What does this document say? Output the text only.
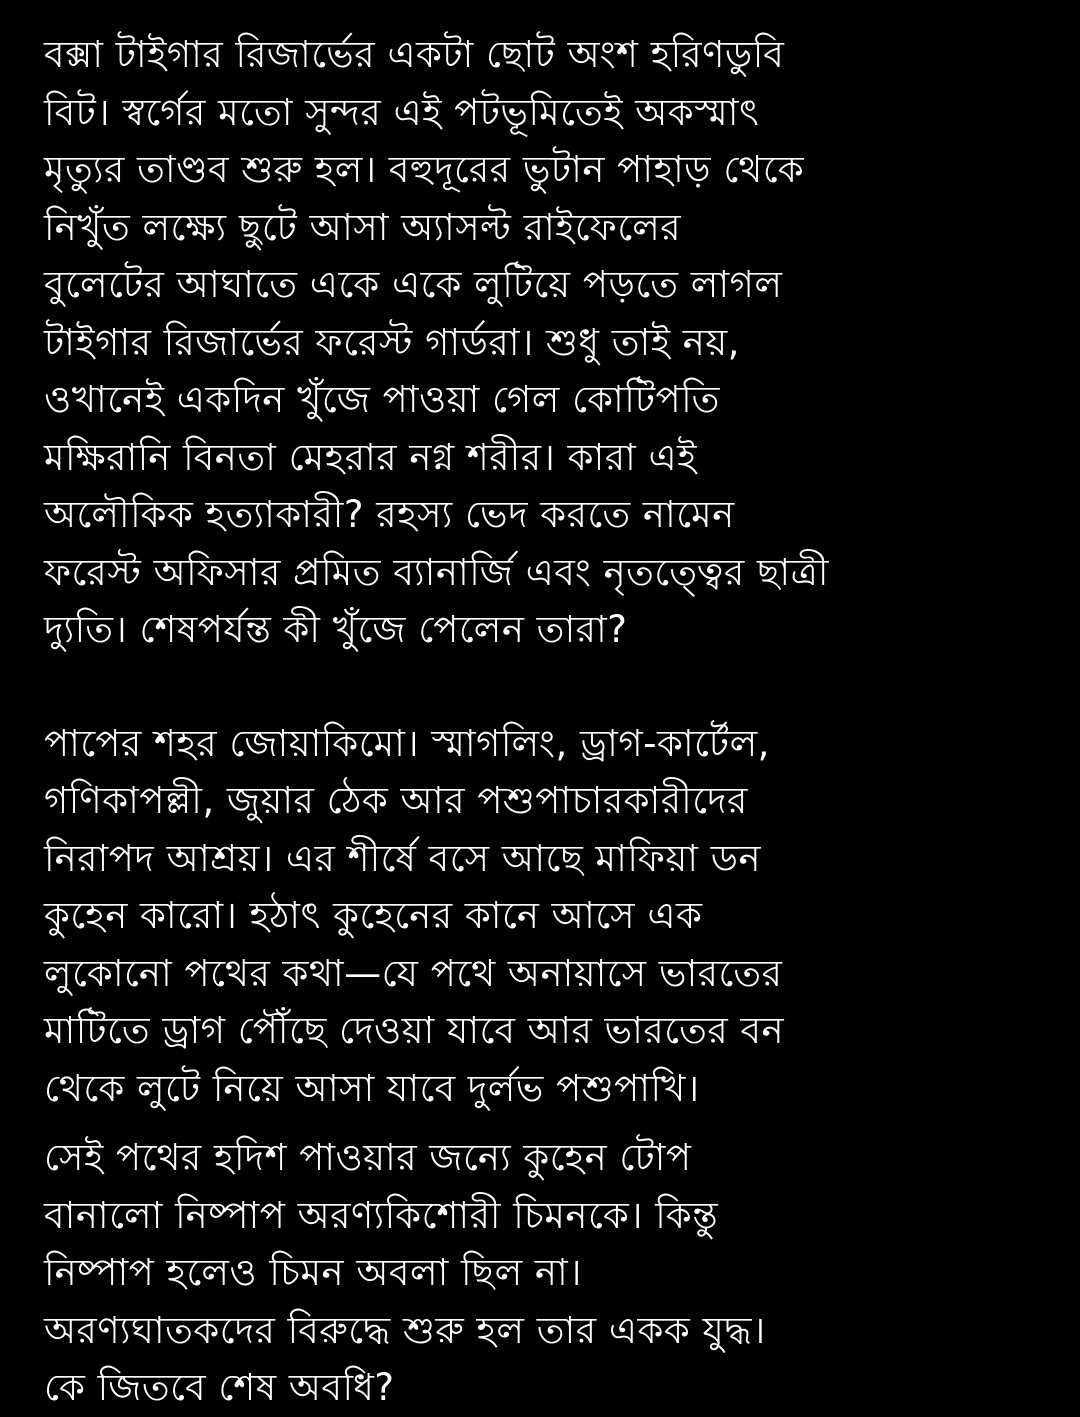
বক্সা টাইগার রিজার্ভের একটা ছোট অংশ হরিণডুবি
বিট। স্বর্গের মতো সুন্দর এই পটভূমিতেই অকস্মাৎ
মৃত্যুর তাণ্ডব শুরু হল। বহুদূরের ভুটান পাহাড় থেকে
নিখুঁত লক্ষ্যে ছুটে আসা অ্যাসল্ট রাইফেলের
বুলেটের আঘাতে একে একে লুটিয়ে পড়তে লাগল
টাইগার রিজার্ভের ফরেস্ট গার্ডরা। শুধু তাই নয়,
ওখানেই একদিন খুঁজে পাওয়া গেল কোটিপতি
মক্ষিরানি বিনতা মেহরার নগ্ন শরীর। কারা এই
অলৌকিক হত্যাকারী? রহস্য ভেদ করতে নামেন
ফরেস্ট অফিসার প্রমিত ব্যানার্জি এবং নৃতত্ত্বের ছাত্রী
দ্যুতি। শেষপর্যন্ত কী খুঁজে পেলেন তারা?
পাপের শহর জোয়াকিমো। স্মাগলিং, ড্রাগ-কার্টেল,
গণিকাপল্লী, জুয়ার ঠেক আর পশুপাচারকারীদের
নিরাপদ আশ্রয়। এর শীর্ষে বসে আছে মাফিয়া ডন
কুহেন কারো। হঠাৎ কুহেনের কানে আসে এক
লুকোনো পথের কথা—যে পথে অনায়াসে ভারতের
মাটিতে ড্রাগ পৌঁছে দেওয়া যাবে আর ভারতের বন
থেকে লুটে নিয়ে আসা যাবে দুর্লভ পশুপাখি।
সেই পথের হদিশ পাওয়ার জন্যে কুহেন টোপ
বানালো নিষ্পাপ অরণ্যকিশোরী চিমনকে। কিন্তু
নিষ্পাপ হলেও চিমন অবলা ছিল না।
অরণ্যঘাতকদের বিরুদ্ধে শুরু হল তার একক যুদ্ধ।
কে জিতবে শেষ অবধি?
